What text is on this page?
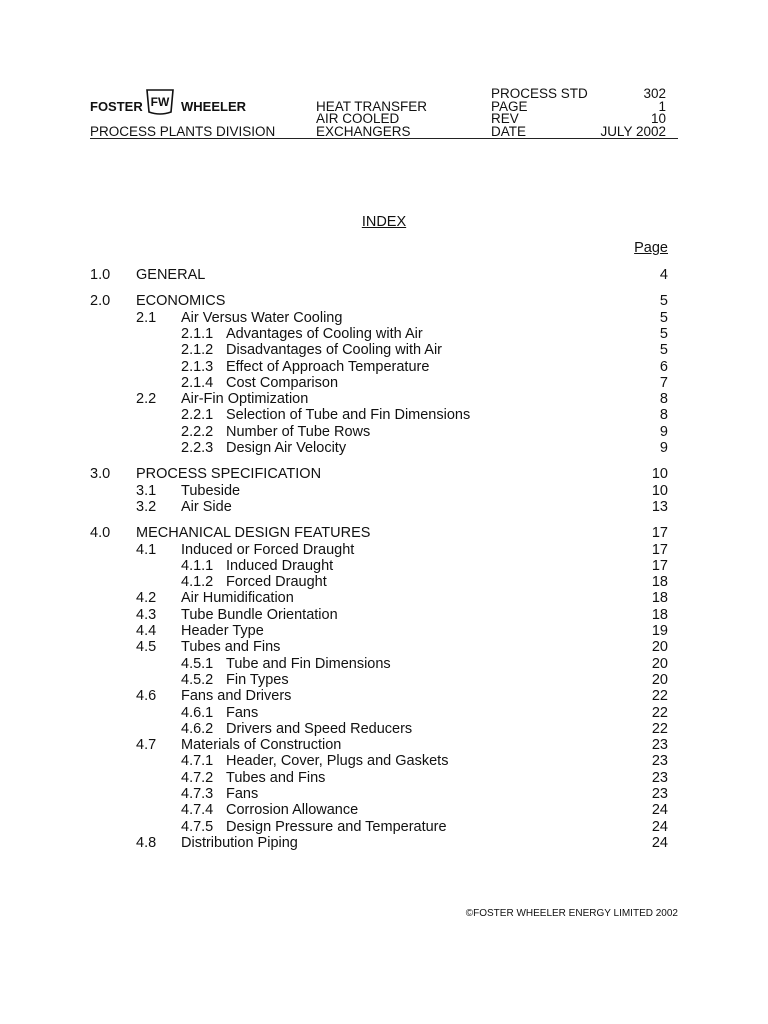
FOSTER FW WHEELER
PROCESS PLANTS DIVISION
HEAT TRANSFER
AIR COOLED
EXCHANGERS
PROCESS STD	302
PAGE	1
REV	10
DATE	JULY 2002
INDEX
Page
1.0 GENERAL	4
2.0 ECONOMICS	5
2.1 Air Versus Water Cooling	5
2.1.1 Advantages of Cooling with Air	5
2.1.2 Disadvantages of Cooling with Air	5
2.1.3 Effect of Approach Temperature	6
2.1.4 Cost Comparison	7
2.2 Air-Fin Optimization	8
2.2.1 Selection of Tube and Fin Dimensions	8
2.2.2 Number of Tube Rows	9
2.2.3 Design Air Velocity	9
3.0 PROCESS SPECIFICATION	10
3.1 Tubeside	10
3.2 Air Side	13
4.0 MECHANICAL DESIGN FEATURES	17
4.1 Induced or Forced Draught	17
4.1.1 Induced Draught	17
4.1.2 Forced Draught	18
4.2 Air Humidification	18
4.3 Tube Bundle Orientation	18
4.4 Header Type	19
4.5 Tubes and Fins	20
4.5.1 Tube and Fin Dimensions	20
4.5.2 Fin Types	20
4.6 Fans and Drivers	22
4.6.1 Fans	22
4.6.2 Drivers and Speed Reducers	22
4.7 Materials of Construction	23
4.7.1 Header, Cover, Plugs and Gaskets	23
4.7.2 Tubes and Fins	23
4.7.3 Fans	23
4.7.4 Corrosion Allowance	24
4.7.5 Design Pressure and Temperature	24
4.8 Distribution Piping	24
©FOSTER WHEELER ENERGY LIMITED 2002
